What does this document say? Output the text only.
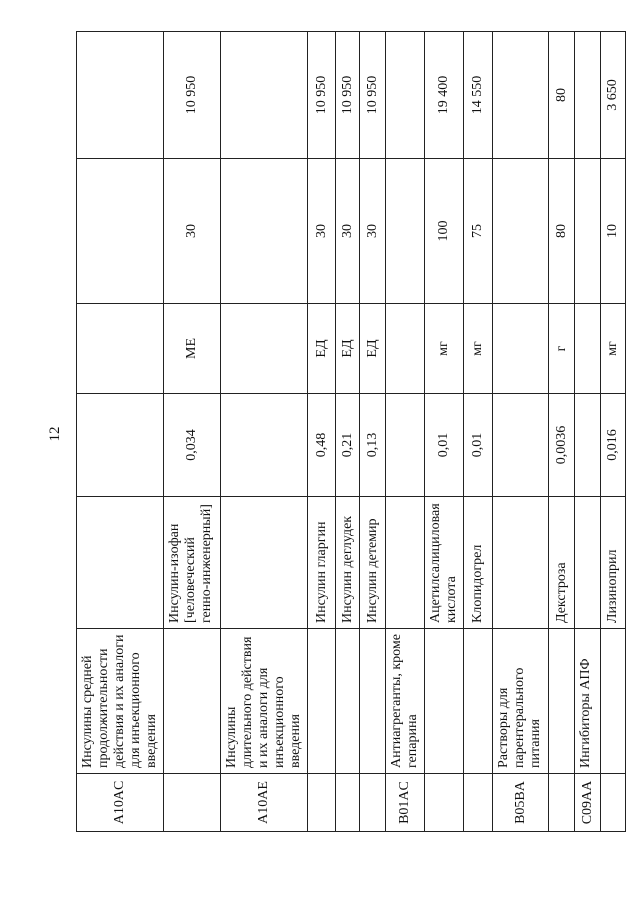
12
A10AC	Инсулины средней продолжительности действия и их аналоги для инъекционного введения					
		Инсулин-изофан [человеческий генно-инженерный]	0,034	МЕ	30	10 950
A10AE	Инсулины длительного действия и их аналоги для инъекционного введения					
		Инсулин гларгин	0,48	ЕД	30	10 950
		Инсулин деглудек	0,21	ЕД	30	10 950
		Инсулин детемир	0,13	ЕД	30	10 950
B01AC	Антиагреганты, кроме гепарина					
		Ацетилсалициловая кислота	0,01	мг	100	19 400
		Клопидогрел	0,01	мг	75	14 550
B05BA	Растворы для парентерального питания					
		Декстроза	0,0036	г	80	80
C09AA	Ингибиторы АПФ					
		Лизиноприл	0,016	мг	10	3 650
